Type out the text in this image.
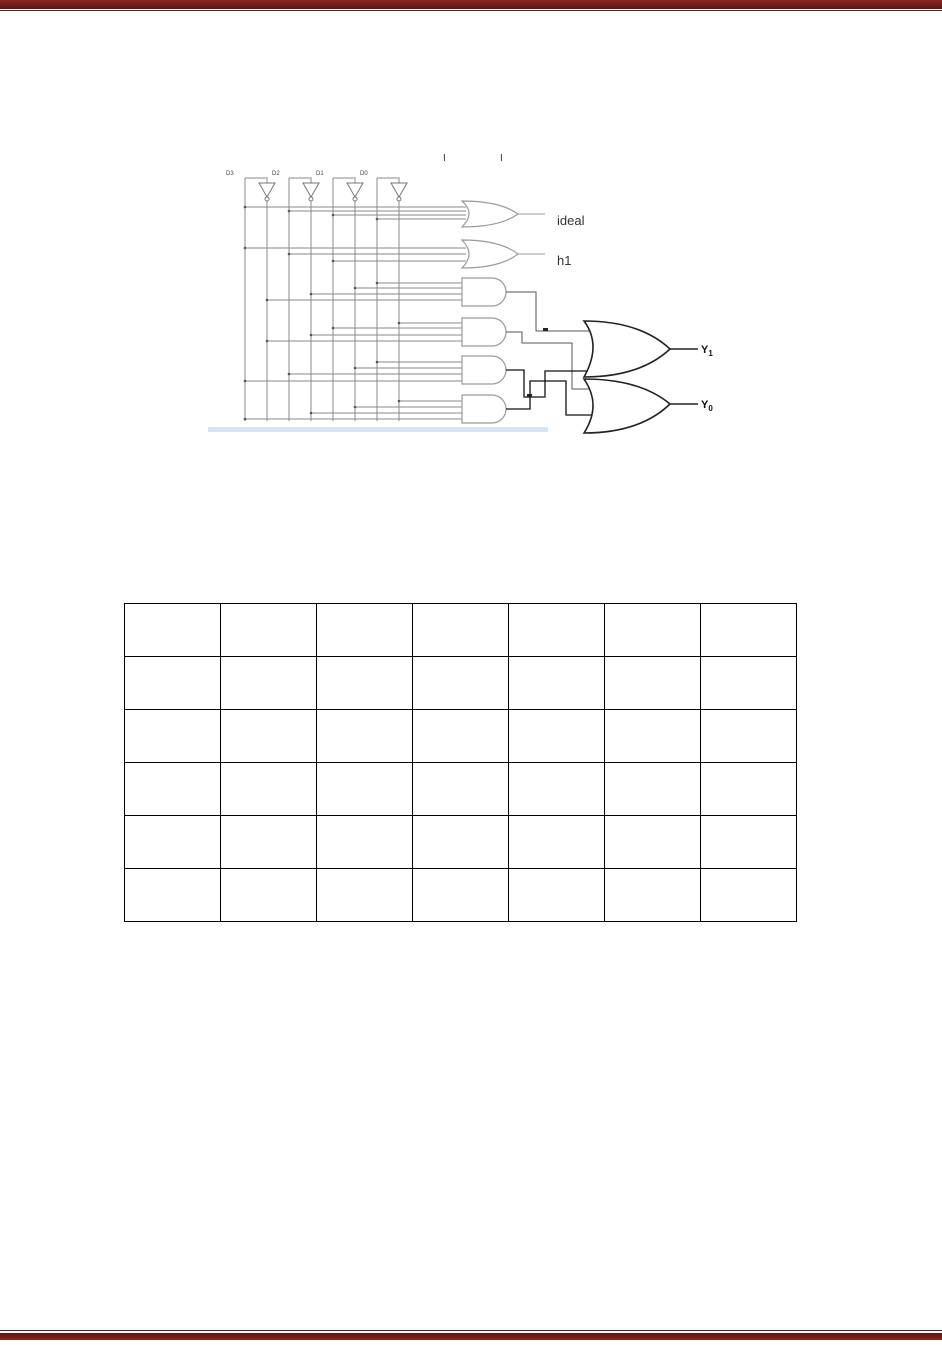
I	I
D3	D2	D1	D0
ideal
h1
$Y_1$
$Y_0$
